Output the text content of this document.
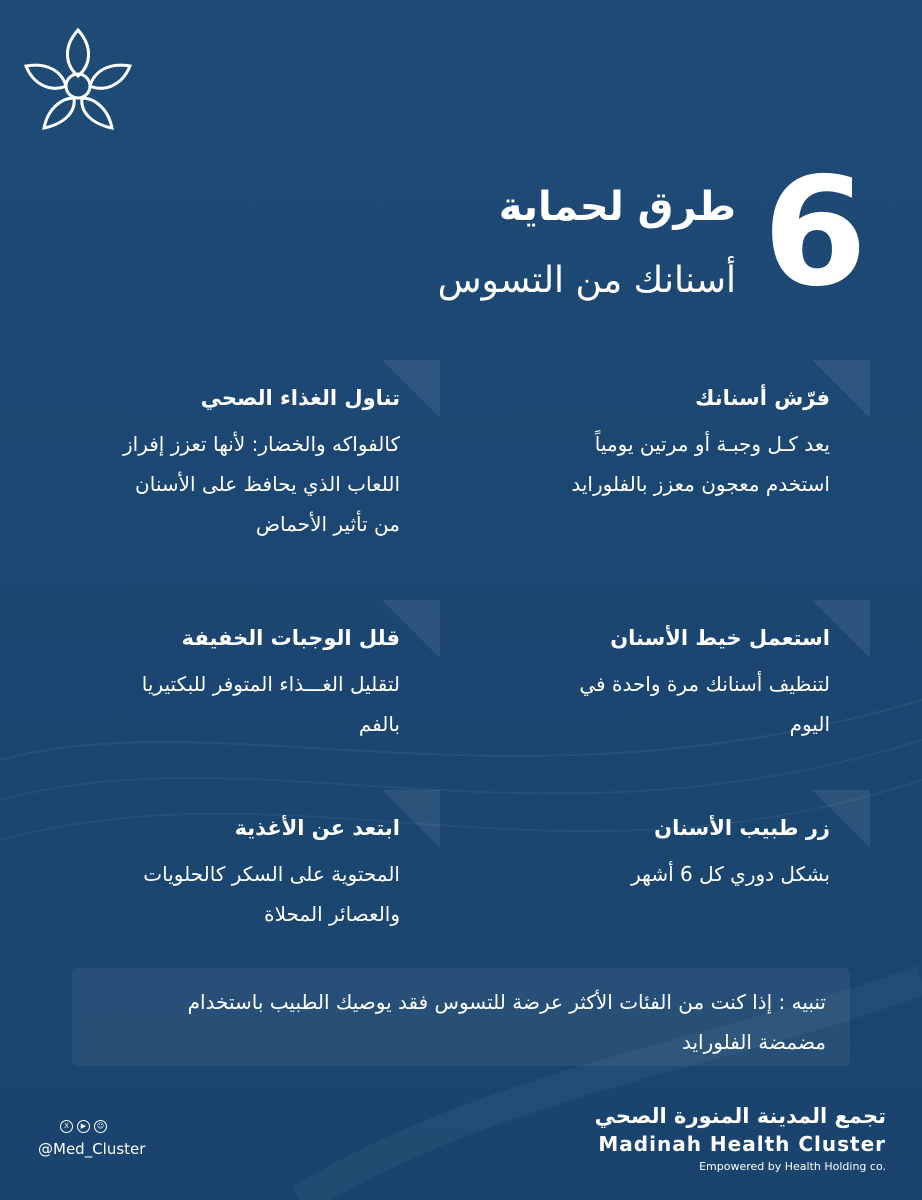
6
طرق لحماية
أسنانك من التسوس
فرّش أسنانك
يعد كـل وجبـة أو مرتين يومياً
استخدم معجون معزز بالفلورايد
استعمل خيط الأسنان
لتنظيف أسنانك مرة واحدة في
اليوم
زر طبيب الأسنان
بشكل دوري كل 6 أشهر
تناول الغذاء الصحي
كالفواكه والخضار: لأنها تعزز إفراز
اللعاب الذي يحافظ على الأسنان
من تأثير الأحماض
قلل الوجبات الخفيفة
لتقليل الغـــذاء المتوفر للبكتيريا
بالفم
ابتعد عن الأغذية
المحتوية على السكر كالحلويات
والعصائر المحلاة
تنبيه : إذا كنت من الفئات الأكثر عرضة للتسوس فقد يوصيك الطبيب باستخدام
مضمضة الفلورايد
X	▶	☺
@Med_Cluster
تجمع المدينة المنورة الصحي
Madinah Health Cluster
Empowered by Health Holding co.
